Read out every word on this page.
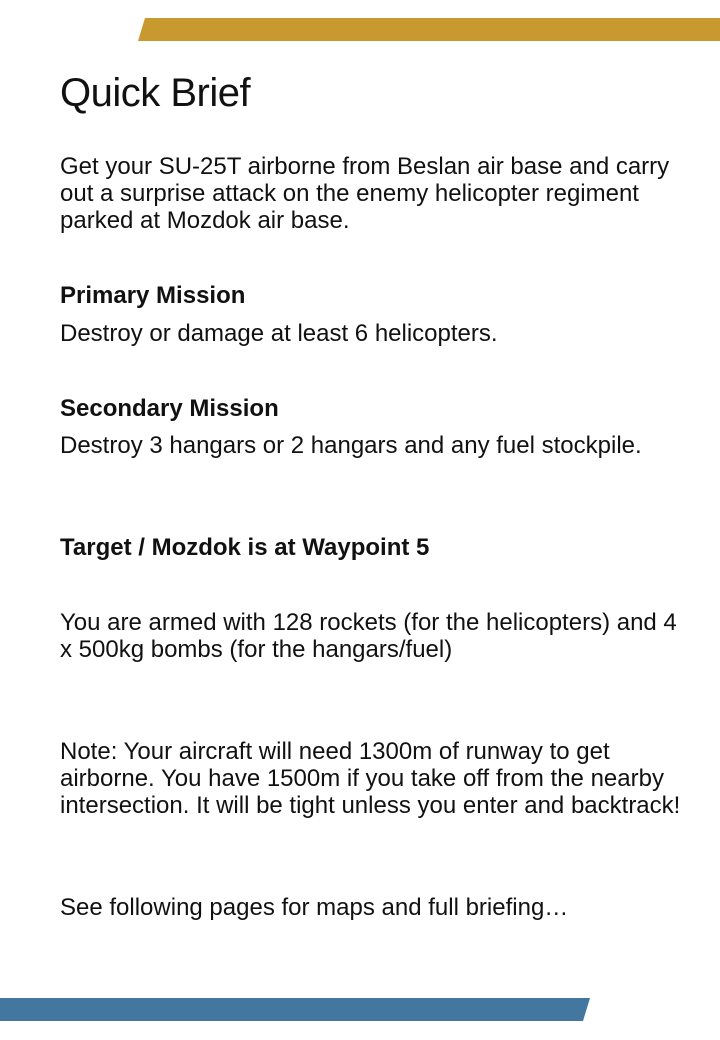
Quick Brief

Get your SU-25T airborne from Beslan air base and carry out a surprise attack on the enemy helicopter regiment parked at Mozdok air base.

Primary Mission

Destroy or damage at least 6 helicopters.

Secondary Mission

Destroy 3 hangars or 2 hangars and any fuel stockpile.

Target / Mozdok is at Waypoint 5

You are armed with 128 rockets (for the helicopters) and 4 x 500kg bombs (for the hangars/fuel)

Note: Your aircraft will need 1300m of runway to get airborne. You have 1500m if you take off from the nearby intersection. It will be tight unless you enter and backtrack!

See following pages for maps and full briefing…
